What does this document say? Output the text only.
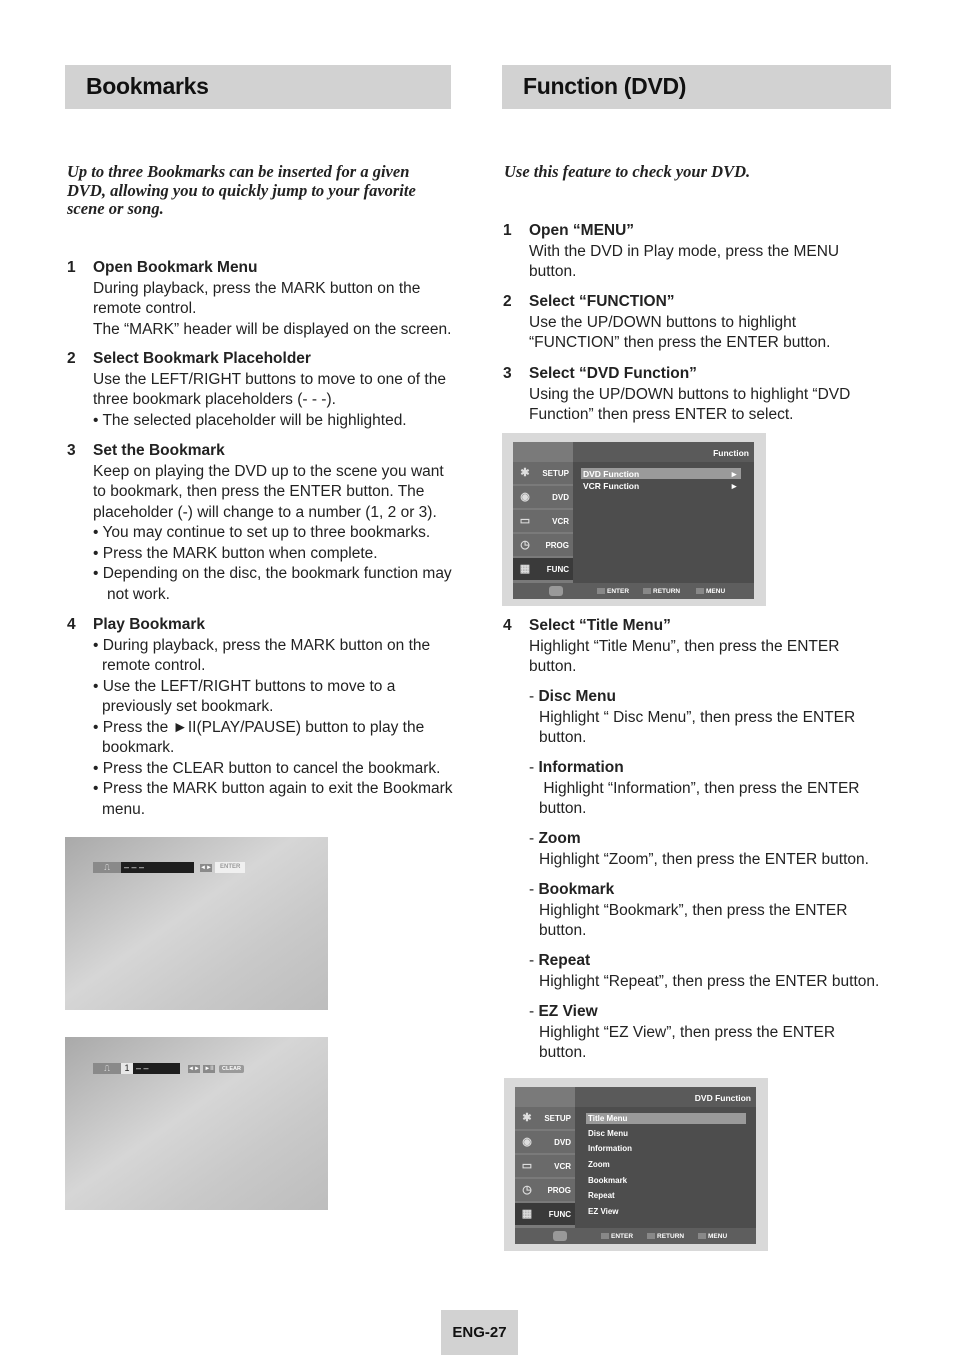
Bookmarks
Up to three Bookmarks can be inserted for a given DVD, allowing you to quickly jump to your favorite scene or song.
1 Open Bookmark Menu

During playback, press the MARK button on the remote control.

The “MARK” header will be displayed on the screen.

2 Select Bookmark Placeholder

Use the LEFT/RIGHT buttons to move to one of the three bookmark placeholders (- - -).

• The selected placeholder will be highlighted.

3 Set the Bookmark

Keep on playing the DVD up to the scene you want to bookmark, then press the ENTER button. The placeholder (-) will change to a number (1, 2 or 3).

• You may continue to set up to three bookmarks.

• Press the MARK button when complete.

• Depending on the disc, the bookmark function may not work.

4 Play Bookmark

• During playback, press the MARK button on the remote control.

• Use the LEFT/RIGHT buttons to move to a previously set bookmark.

• Press the ►II(PLAY/PAUSE) button to play the bookmark.

• Press the CLEAR button to cancel the bookmark.

• Press the MARK button again to exit the Bookmark menu.

⎍	– – –	◄►	ENTER
⎍	1 – –	◄► ►II	CLEAR
Function (DVD)
Use this feature to check your DVD.
1 Open “MENU”

With the DVD in Play mode, press the MENU button.

2 Select “FUNCTION”

Use the UP/DOWN buttons to highlight “FUNCTION” then press the ENTER button.

3 Select “DVD Function”

Using the UP/DOWN buttons to highlight “DVD Function” then press ENTER to select.

Function
✱ SETUP
◉	DVD
▭	VCR
◷ PROG
▦ FUNC
DVD Function	►
VCR Function	►
ENTER	RETURN	MENU
4 Select “Title Menu”

Highlight “Title Menu”, then press the ENTER button.

- Disc Menu

Highlight “ Disc Menu”, then press the ENTER button.

- Information

Highlight “Information”, then press the ENTER button.

- Zoom

Highlight “Zoom”, then press the ENTER button.

- Bookmark

Highlight “Bookmark”, then press the ENTER button.

- Repeat

Highlight “Repeat”, then press the ENTER button.

- EZ View

Highlight “EZ View”, then press the ENTER button.

DVD Function
✱ SETUP
◉	DVD
▭	VCR
◷ PROG
▦ FUNC
Title Menu
Disc Menu
Information
Zoom
Bookmark
Repeat
EZ View
ENTER	RETURN	MENU
ENG-27
